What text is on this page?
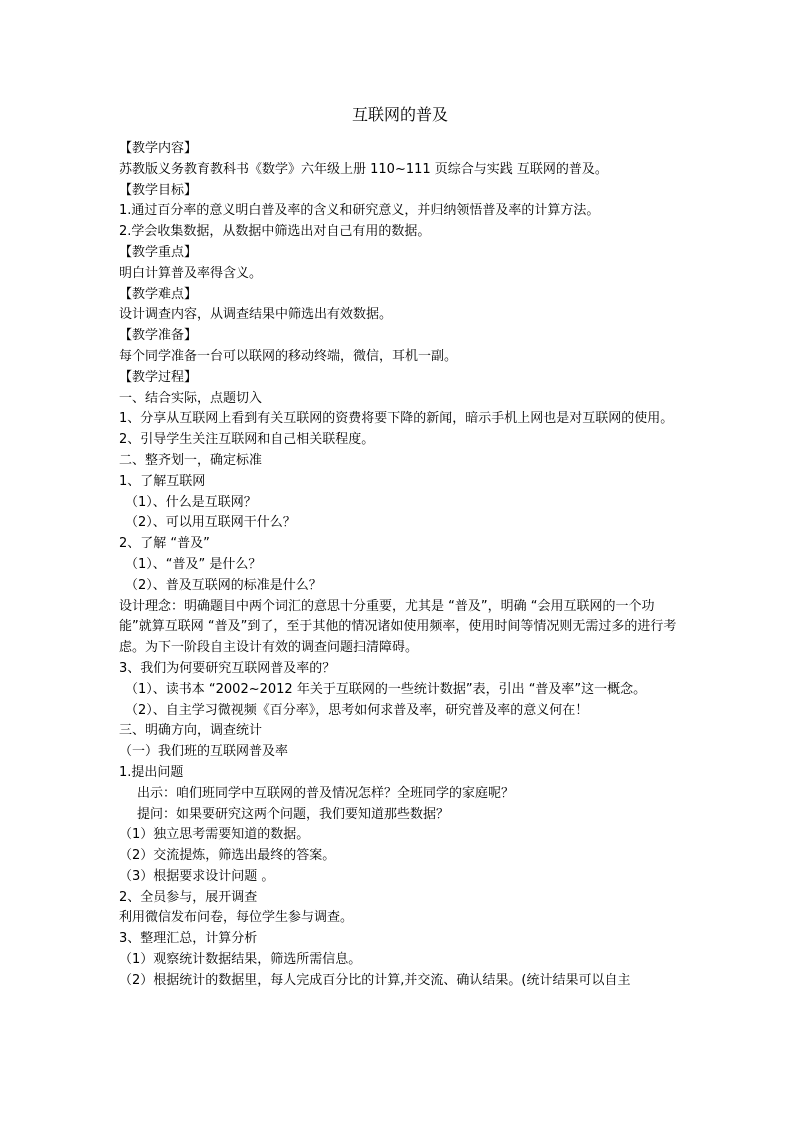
互联网的普及
【教学内容】
苏教版义务教育教科书《数学》六年级上册 110~111 页综合与实践 互联网的普及。
【教学目标】
1.通过百分率的意义明白普及率的含义和研究意义，并归纳领悟普及率的计算方法。
2.学会收集数据，从数据中筛选出对自己有用的数据。
【教学重点】
明白计算普及率得含义。
【教学难点】
设计调查内容，从调查结果中筛选出有效数据。
【教学准备】
每个同学准备一台可以联网的移动终端，微信，耳机一副。
【教学过程】
一、结合实际，点题切入
1、分享从互联网上看到有关互联网的资费将要下降的新闻，暗示手机上网也是对互联网的使用。
2、引导学生关注互联网和自己相关联程度。
二、整齐划一，确定标准
1、了解互联网
（1）、什么是互联网？
（2）、可以用互联网干什么？
2、了解 “普及”
（1）、“普及” 是什么？
（2）、普及互联网的标准是什么？
设计理念：明确题目中两个词汇的意思十分重要，尤其是 “普及”，明确 “会用互联网的一个功能”就算互联网 “普及”到了，至于其他的情况诸如使用频率，使用时间等情况则无需过多的进行考虑。为下一阶段自主设计有效的调查问题扫清障碍。
3、我们为何要研究互联网普及率的？
（1）、读书本 “2002~2012 年关于互联网的一些统计数据”表，引出 “普及率”这一概念。
（2）、自主学习微视频《百分率》，思考如何求普及率，研究普及率的意义何在！
三、明确方向，调查统计
（一）我们班的互联网普及率
1.提出问题
出示：咱们班同学中互联网的普及情况怎样？全班同学的家庭呢？
提问：如果要研究这两个问题，我们要知道那些数据？
（1）独立思考需要知道的数据。
（2）交流提炼，筛选出最终的答案。
（3）根据要求设计问题 。
2、全员参与，展开调查
利用微信发布问卷，每位学生参与调查。
3、整理汇总，计算分析
（1）观察统计数据结果，筛选所需信息。
（2）根据统计的数据里，每人完成百分比的计算,并交流、确认结果。(统计结果可以自主
